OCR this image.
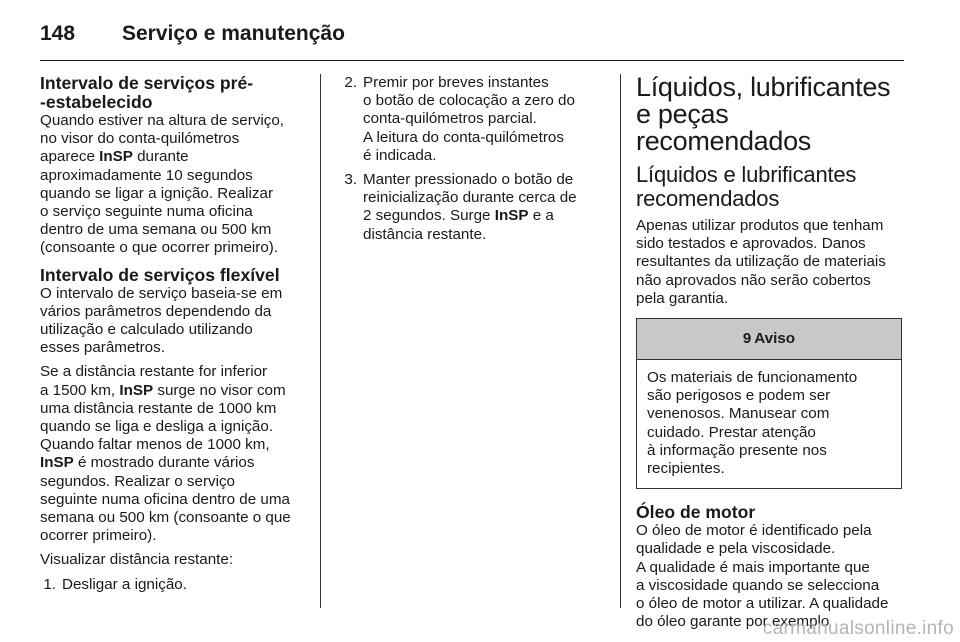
148	Serviço e manutenção
Intervalo de serviços pré-
-estabelecido

Quando estiver na altura de serviço,
no visor do conta-quilómetros
aparece InSP durante
aproximadamente 10 segundos
quando se ligar a ignição. Realizar
o serviço seguinte numa oficina
dentro de uma semana ou 500 km
(consoante o que ocorrer primeiro).

Intervalo de serviços flexível

O intervalo de serviço baseia-se em
vários parâmetros dependendo da
utilização e calculado utilizando
esses parâmetros.

Se a distância restante for inferior
a 1500 km, InSP surge no visor com
uma distância restante de 1000 km
quando se liga e desliga a ignição.
Quando faltar menos de 1000 km,
InSP é mostrado durante vários
segundos. Realizar o serviço
seguinte numa oficina dentro de uma
semana ou 500 km (consoante o que
ocorrer primeiro).

Visualizar distância restante:

1. Desligar a ignição.
2. Premir por breves instantes
o botão de colocação a zero do
conta-quilómetros parcial.
A leitura do conta-quilómetros
é indicada.
3. Manter pressionado o botão de
reinicialização durante cerca de
2 segundos. Surge InSP e a
distância restante.
Líquidos, lubrificantes
e peças recomendados
Líquidos e lubrificantes
recomendados

Apenas utilizar produtos que tenham
sido testados e aprovados. Danos
resultantes da utilização de materiais
não aprovados não serão cobertos
pela garantia.

9 Aviso
Os materiais de funcionamento
são perigosos e podem ser
venenosos. Manusear com
cuidado. Prestar atenção
à informação presente nos
recipientes.
Óleo de motor

O óleo de motor é identificado pela
qualidade e pela viscosidade.
A qualidade é mais importante que
a viscosidade quando se selecciona
o óleo de motor a utilizar. A qualidade
do óleo garante por exemplo

carmanualsonline.info
